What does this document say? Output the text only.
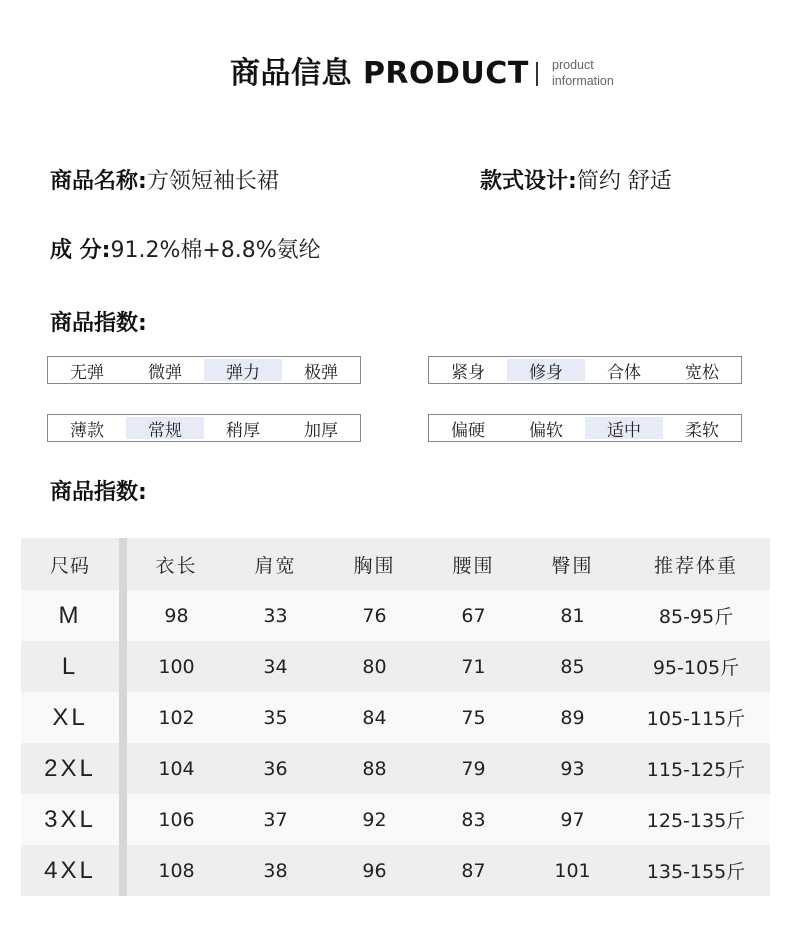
商品信息 PRODUCT product
information
商品名称:方领短袖长裙	款式设计:简约 舒适
成 分:91.2%棉+8.8%氨纶
商品指数:
无弹	微弹	弹力	极弹	紧身	修身	合体	宽松
薄款	常规	稍厚	加厚	偏硬	偏软	适中	柔软
商品指数:
尺码	衣长	肩宽	胸围	腰围	臀围	推荐体重
M	98	33	76	67	81	85-95斤
L	100	34	80	71	85	95-105斤
XL	102	35	84	75	89	105-115斤
2XL	104	36	88	79	93	115-125斤
3XL	106	37	92	83	97	125-135斤
4XL	108	38	96	87	101	135-155斤
